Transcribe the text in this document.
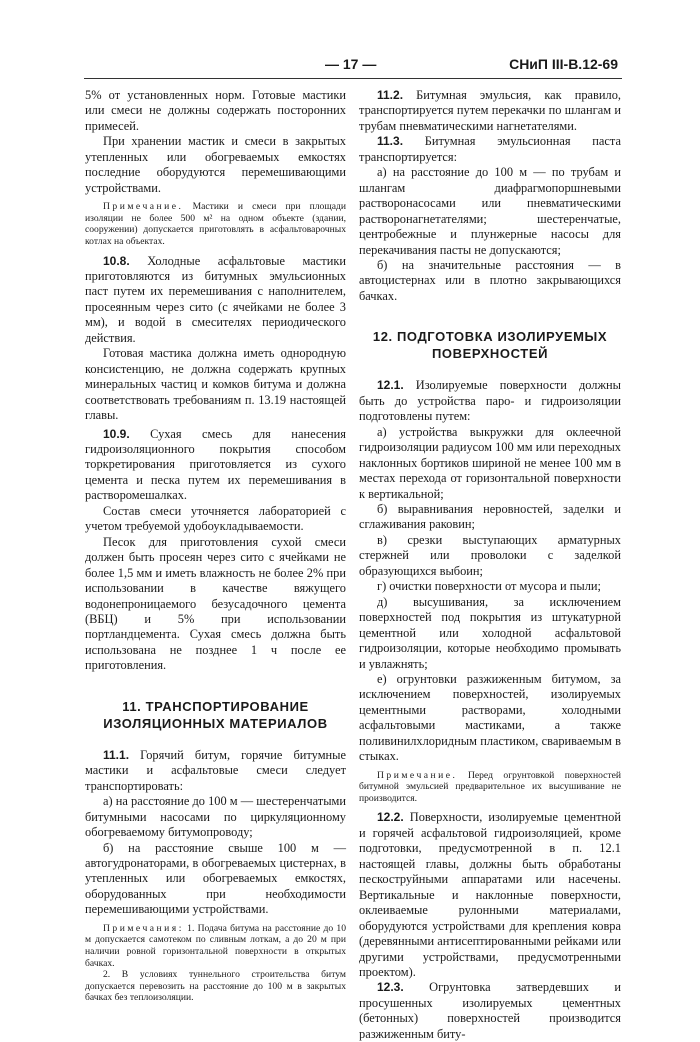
— 17 —	СНиП III-В.12-69

5% от установленных норм. Готовые мастики или смеси не должны содержать посторонних примесей.

При хранении мастик и смеси в закрытых утепленных или обогреваемых емкостях последние оборудуются перемешивающими устройствами.

Примечание. Мастики и смеси при площади изоляции не более 500 м² на одном объекте (здании, сооружении) допускается приготовлять в асфальтоварочных котлах на объектах.

10.8. Холодные асфальтовые мастики приготовляются из битумных эмульсионных паст путем их перемешивания с наполнителем, просеянным через сито (с ячейками не более 3 мм), и водой в смесителях периодического действия.

Готовая мастика должна иметь однородную консистенцию, не должна содержать крупных минеральных частиц и комков битума и должна соответствовать требованиям п. 13.19 настоящей главы.

10.9. Сухая смесь для нанесения гидроизоляционного покрытия способом торкретирования приготовляется из сухого цемента и песка путем их перемешивания в растворомешалках.

Состав смеси уточняется лабораторией с учетом требуемой удобоукладываемости.

Песок для приготовления сухой смеси должен быть просеян через сито с ячейками не более 1,5 мм и иметь влажность не более 2% при использовании в качестве вяжущего водонепроницаемого безусадочного цемента (ВБЦ) и 5% при использовании портландцемента. Сухая смесь должна быть использована не позднее 1 ч после ее приготовления.

11. ТРАНСПОРТИРОВАНИЕ
ИЗОЛЯЦИОННЫХ МАТЕРИАЛОВ

11.1. Горячий битум, горячие битумные мастики и асфальтовые смеси следует транспортировать:

а) на расстояние до 100 м — шестеренчатыми битумными насосами по циркуляционному обогреваемому битумопроводу;

б) на расстояние свыше 100 м — автогудронаторами, в обогреваемых цистернах, в утепленных или обогреваемых емкостях, оборудованных при необходимости перемешивающими устройствами.

Примечания: 1. Подача битума на расстояние до 10 м допускается самотеком по сливным лоткам, а до 20 м при наличии ровной горизонтальной поверхности в открытых бачках.
2. В условиях туннельного строительства битум допускается перевозить на расстояние до 100 м в закрытых бачках без теплоизоляции.

11.2. Битумная эмульсия, как правило, транспортируется путем перекачки по шлангам и трубам пневматическими нагнетателями.

11.3. Битумная эмульсионная паста транспортируется:

а) на расстояние до 100 м — по трубам и шлангам диафрагмопоршневыми растворонасосами или пневматическими растворонагнетателями; шестеренчатые, центробежные и плунжерные насосы для перекачивания пасты не допускаются;

б) на значительные расстояния — в автоцистернах или в плотно закрывающихся бачках.

12. ПОДГОТОВКА ИЗОЛИРУЕМЫХ
ПОВЕРХНОСТЕЙ

12.1. Изолируемые поверхности должны быть до устройства паро- и гидроизоляции подготовлены путем:

а) устройства выкружки для оклеечной гидроизоляции радиусом 100 мм или переходных наклонных бортиков шириной не менее 100 мм в местах перехода от горизонтальной поверхности к вертикальной;

б) выравнивания неровностей, заделки и сглаживания раковин;

в) срезки выступающих арматурных стержней или проволоки с заделкой образующихся выбоин;

г) очистки поверхности от мусора и пыли;

д) высушивания, за исключением поверхностей под покрытия из штукатурной цементной или холодной асфальтовой гидроизоляции, которые необходимо промывать и увлажнять;

е) огрунтовки разжиженным битумом, за исключением поверхностей, изолируемых цементными растворами, холодными асфальтовыми мастиками, а также поливинилхлоридным пластиком, свариваемым в стыках.

Примечание. Перед огрунтовкой поверхностей битумной эмульсией предварительное их высушивание не производится.

12.2. Поверхности, изолируемые цементной и горячей асфальтовой гидроизоляцией, кроме подготовки, предусмотренной в п. 12.1 настоящей главы, должны быть обработаны пескоструйными аппаратами или насечены. Вертикальные и наклонные поверхности, оклеиваемые рулонными материалами, оборудуются устройствами для крепления ковра (деревянными антисептированными рейками или другими устройствами, предусмотренными проектом).

12.3. Огрунтовка затвердевших и просушенных изолируемых цементных (бетонных) поверхностей производится разжиженным биту-
